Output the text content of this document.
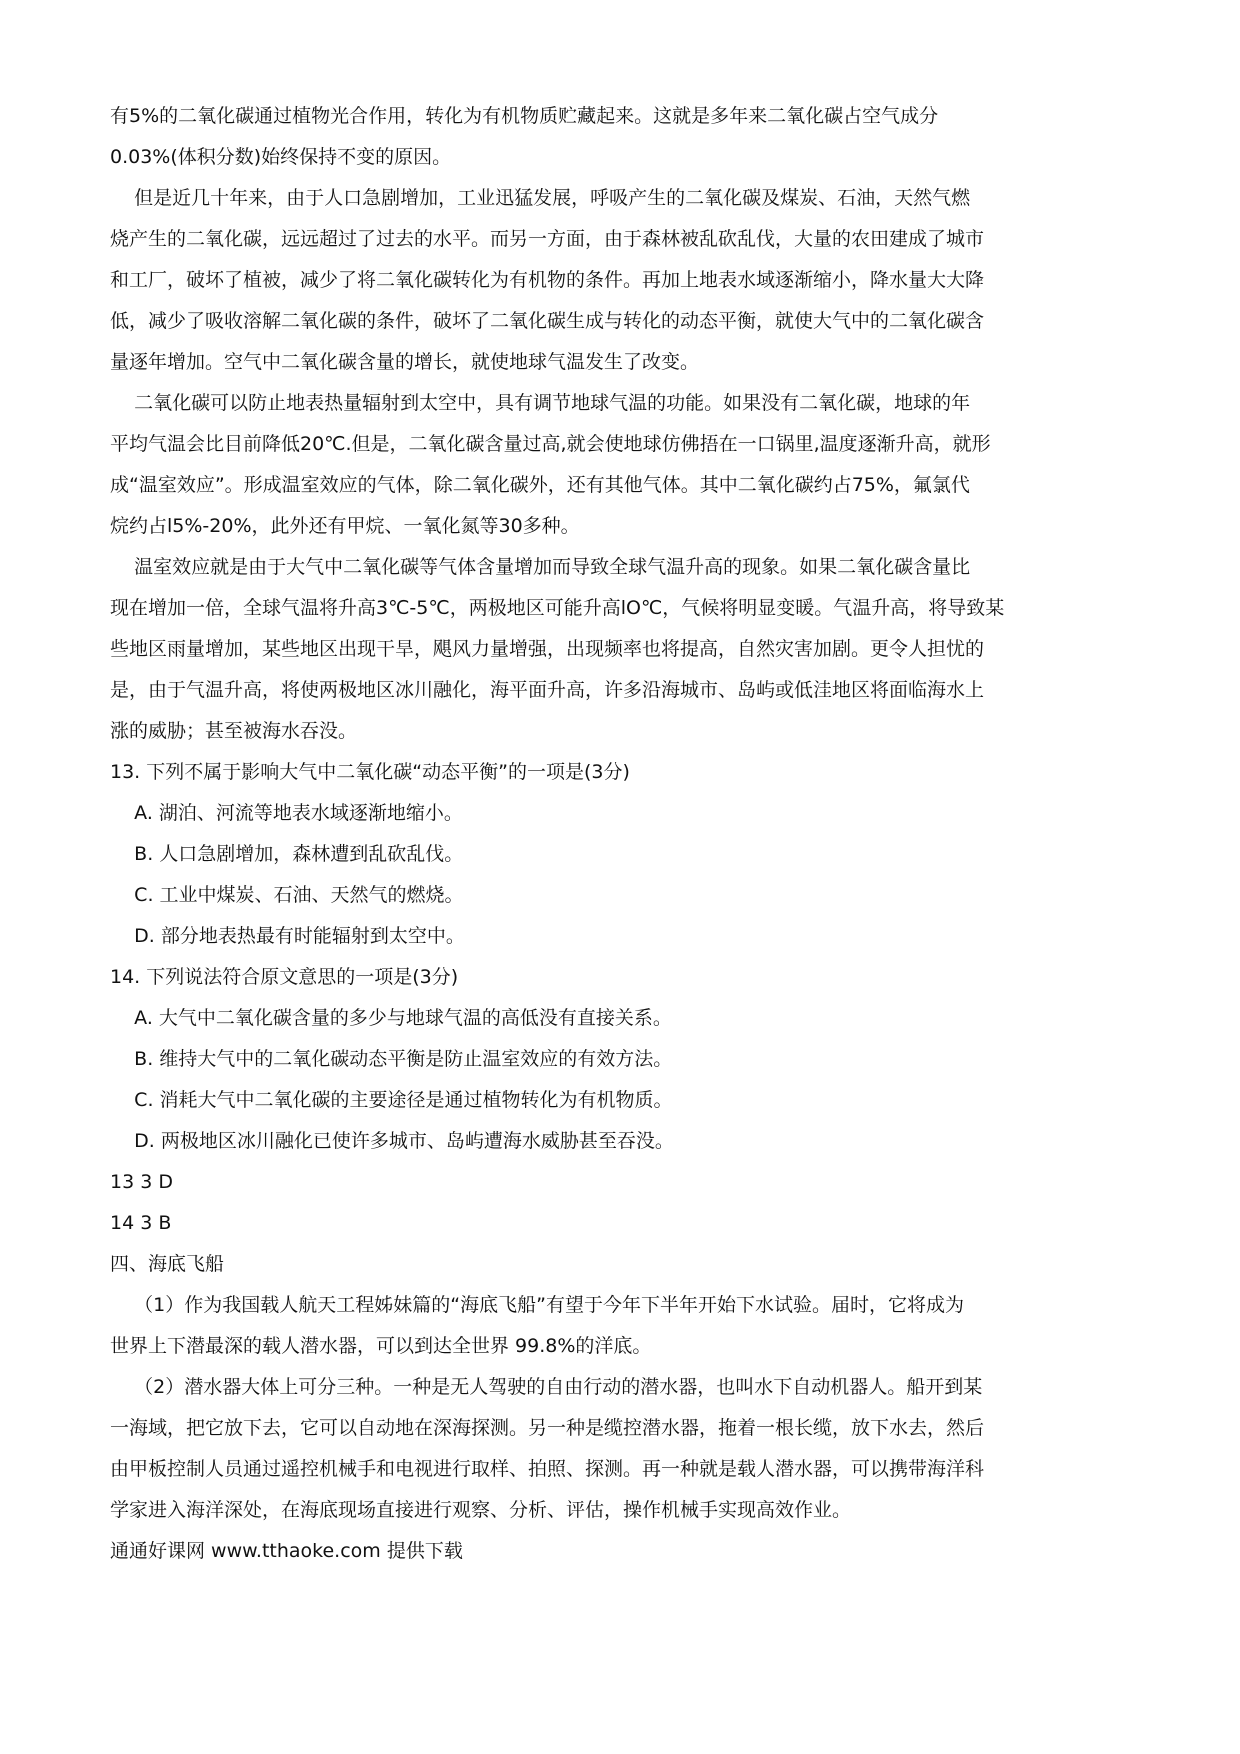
有5%的二氧化碳通过植物光合作用，转化为有机物质贮藏起来。这就是多年来二氧化碳占空气成分
0.03%(体积分数)始终保持不变的原因。
但是近几十年来，由于人口急剧增加，工业迅猛发展，呼吸产生的二氧化碳及煤炭、石油，天然气燃
烧产生的二氧化碳，远远超过了过去的水平。而另一方面，由于森林被乱砍乱伐，大量的农田建成了城市
和工厂，破坏了植被，减少了将二氧化碳转化为有机物的条件。再加上地表水域逐渐缩小，降水量大大降
低，减少了吸收溶解二氧化碳的条件，破坏了二氧化碳生成与转化的动态平衡，就使大气中的二氧化碳含
量逐年增加。空气中二氧化碳含量的增长，就使地球气温发生了改变。
二氧化碳可以防止地表热量辐射到太空中，具有调节地球气温的功能。如果没有二氧化碳，地球的年
平均气温会比目前降低20℃.但是，二氧化碳含量过高,就会使地球仿佛捂在一口锅里,温度逐渐升高，就形
成“温室效应”。形成温室效应的气体，除二氧化碳外，还有其他气体。其中二氧化碳约占75%，氟氯代
烷约占l5%-20%，此外还有甲烷、一氧化氮等30多种。
温室效应就是由于大气中二氧化碳等气体含量增加而导致全球气温升高的现象。如果二氧化碳含量比
现在增加一倍，全球气温将升高3℃-5℃，两极地区可能升高lO℃，气候将明显变暖。气温升高，将导致某
些地区雨量增加，某些地区出现干旱，飓风力量增强，出现频率也将提高，自然灾害加剧。更令人担忧的
是，由于气温升高，将使两极地区冰川融化，海平面升高，许多沿海城市、岛屿或低洼地区将面临海水上
涨的威胁；甚至被海水吞没。
13. 下列不属于影响大气中二氧化碳“动态平衡”的一项是(3分)
A. 湖泊、河流等地表水域逐渐地缩小。
B. 人口急剧增加，森林遭到乱砍乱伐。
C. 工业中煤炭、石油、天然气的燃烧。
D. 部分地表热最有时能辐射到太空中。
14. 下列说法符合原文意思的一项是(3分)
A. 大气中二氧化碳含量的多少与地球气温的高低没有直接关系。
B. 维持大气中的二氧化碳动态平衡是防止温室效应的有效方法。
C. 消耗大气中二氧化碳的主要途径是通过植物转化为有机物质。
D. 两极地区冰川融化已使许多城市、岛屿遭海水威胁甚至吞没。
13 3 D
14 3 B
四、海底飞船
（1）作为我国载人航天工程姊妹篇的“海底飞船”有望于今年下半年开始下水试验。届时，它将成为
世界上下潜最深的载人潜水器，可以到达全世界 99.8%的洋底。
（2）潜水器大体上可分三种。一种是无人驾驶的自由行动的潜水器，也叫水下自动机器人。船开到某
一海域，把它放下去，它可以自动地在深海探测。另一种是缆控潜水器，拖着一根长缆，放下水去，然后
由甲板控制人员通过遥控机械手和电视进行取样、拍照、探测。再一种就是载人潜水器，可以携带海洋科
学家进入海洋深处，在海底现场直接进行观察、分析、评估，操作机械手实现高效作业。
通通好课网 www.tthaoke.com 提供下载
